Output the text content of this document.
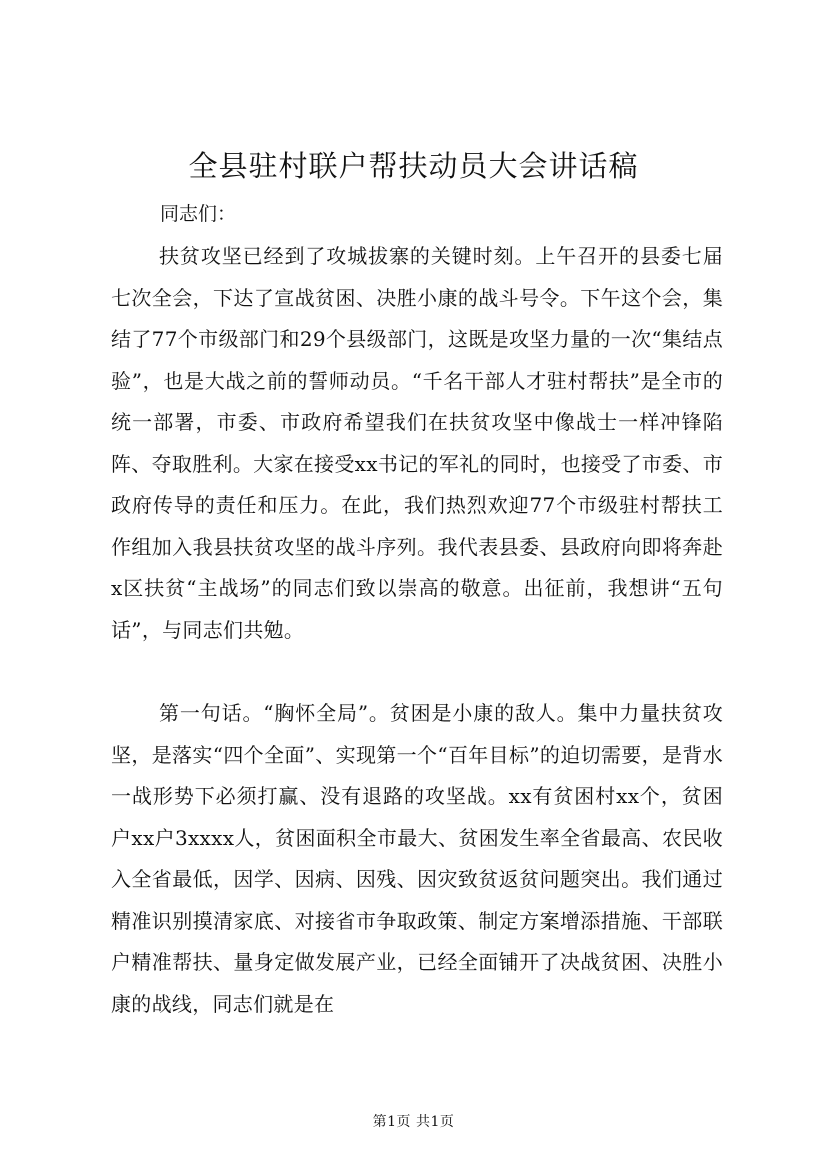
全县驻村联户帮扶动员大会讲话稿

同志们：

扶贫攻坚已经到了攻城拔寨的关键时刻。上午召开的县委七届七次全会，下达了宣战贫困、决胜小康的战斗号令。下午这个会，集结了77个市级部门和29个县级部门，这既是攻坚力量的一次“集结点验”，也是大战之前的誓师动员。“千名干部人才驻村帮扶”是全市的统一部署，市委、市政府希望我们在扶贫攻坚中像战士一样冲锋陷阵、夺取胜利。大家在接受xx书记的军礼的同时，也接受了市委、市政府传导的责任和压力。在此，我们热烈欢迎77个市级驻村帮扶工作组加入我县扶贫攻坚的战斗序列。我代表县委、县政府向即将奔赴x区扶贫“主战场”的同志们致以崇高的敬意。出征前，我想讲“五句话”，与同志们共勉。

第一句话。“胸怀全局”。贫困是小康的敌人。集中力量扶贫攻坚，是落实“四个全面”、实现第一个“百年目标”的迫切需要，是背水一战形势下必须打赢、没有退路的攻坚战。xx有贫困村xx个，贫困户xx户3xxxx人，贫困面积全市最大、贫困发生率全省最高、农民收入全省最低，因学、因病、因残、因灾致贫返贫问题突出。我们通过精准识别摸清家底、对接省市争取政策、制定方案增添措施、干部联户精准帮扶、量身定做发展产业，已经全面铺开了决战贫困、决胜小康的战线，同志们就是在

第1页 共1页
